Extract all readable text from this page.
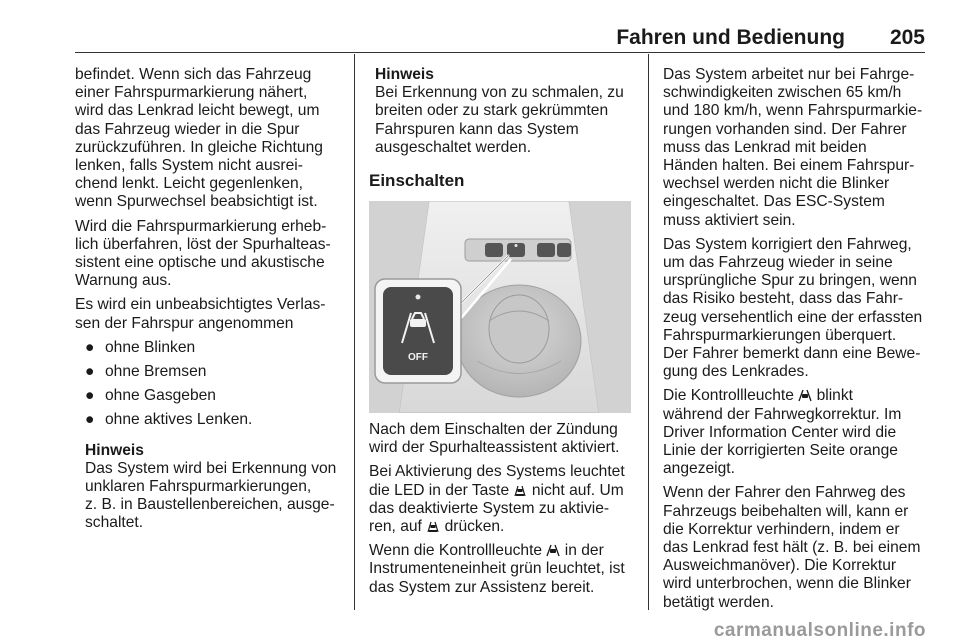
Fahren und Bedienung 205

befindet. Wenn sich das Fahrzeug
einer Fahrspurmarkierung nähert,
wird das Lenkrad leicht bewegt, um
das Fahrzeug wieder in die Spur
zurückzuführen. In gleiche Richtung
lenken, falls System nicht ausrei-
chend lenkt. Leicht gegenlenken,
wenn Spurwechsel beabsichtigt ist.

Wird die Fahrspurmarkierung erheb-
lich überfahren, löst der Spurhalteas-
sistent eine optische und akustische
Warnung aus.

Es wird ein unbeabsichtigtes Verlas-
sen der Fahrspur angenommen

● ohne Blinken
● ohne Bremsen
● ohne Gasgeben
● ohne aktives Lenken.
Hinweis
Das System wird bei Erkennung von
unklaren Fahrspurmarkierungen,
z. B. in Baustellenbereichen, ausge-
schaltet.
Hinweis
Bei Erkennung von zu schmalen, zu
breiten oder zu stark gekrümmten
Fahrspuren kann das System
ausgeschaltet werden.
Einschalten
OFF

Nach dem Einschalten der Zündung
wird der Spurhalteassistent aktiviert.

Bei Aktivierung des Systems leuchtet
die LED in der Taste nicht auf. Um
das deaktivierte System zu aktivie-
ren, auf drücken.

Wenn die Kontrollleuchte in der
Instrumenteneinheit grün leuchtet, ist
das System zur Assistenz bereit.

Das System arbeitet nur bei Fahrge-
schwindigkeiten zwischen 65 km/h
und 180 km/h, wenn Fahrspurmarkie-
rungen vorhanden sind. Der Fahrer
muss das Lenkrad mit beiden
Händen halten. Bei einem Fahrspur-
wechsel werden nicht die Blinker
eingeschaltet. Das ESC-System
muss aktiviert sein.

Das System korrigiert den Fahrweg,
um das Fahrzeug wieder in seine
ursprüngliche Spur zu bringen, wenn
das Risiko besteht, dass das Fahr-
zeug versehentlich eine der erfassten
Fahrspurmarkierungen überquert.
Der Fahrer bemerkt dann eine Bewe-
gung des Lenkrades.

Die Kontrollleuchte blinkt
während der Fahrwegkorrektur. Im
Driver Information Center wird die
Linie der korrigierten Seite orange
angezeigt.

Wenn der Fahrer den Fahrweg des
Fahrzeugs beibehalten will, kann er
die Korrektur verhindern, indem er
das Lenkrad fest hält (z. B. bei einem
Ausweichmanöver). Die Korrektur
wird unterbrochen, wenn die Blinker
betätigt werden.

carmanualsonline.info
